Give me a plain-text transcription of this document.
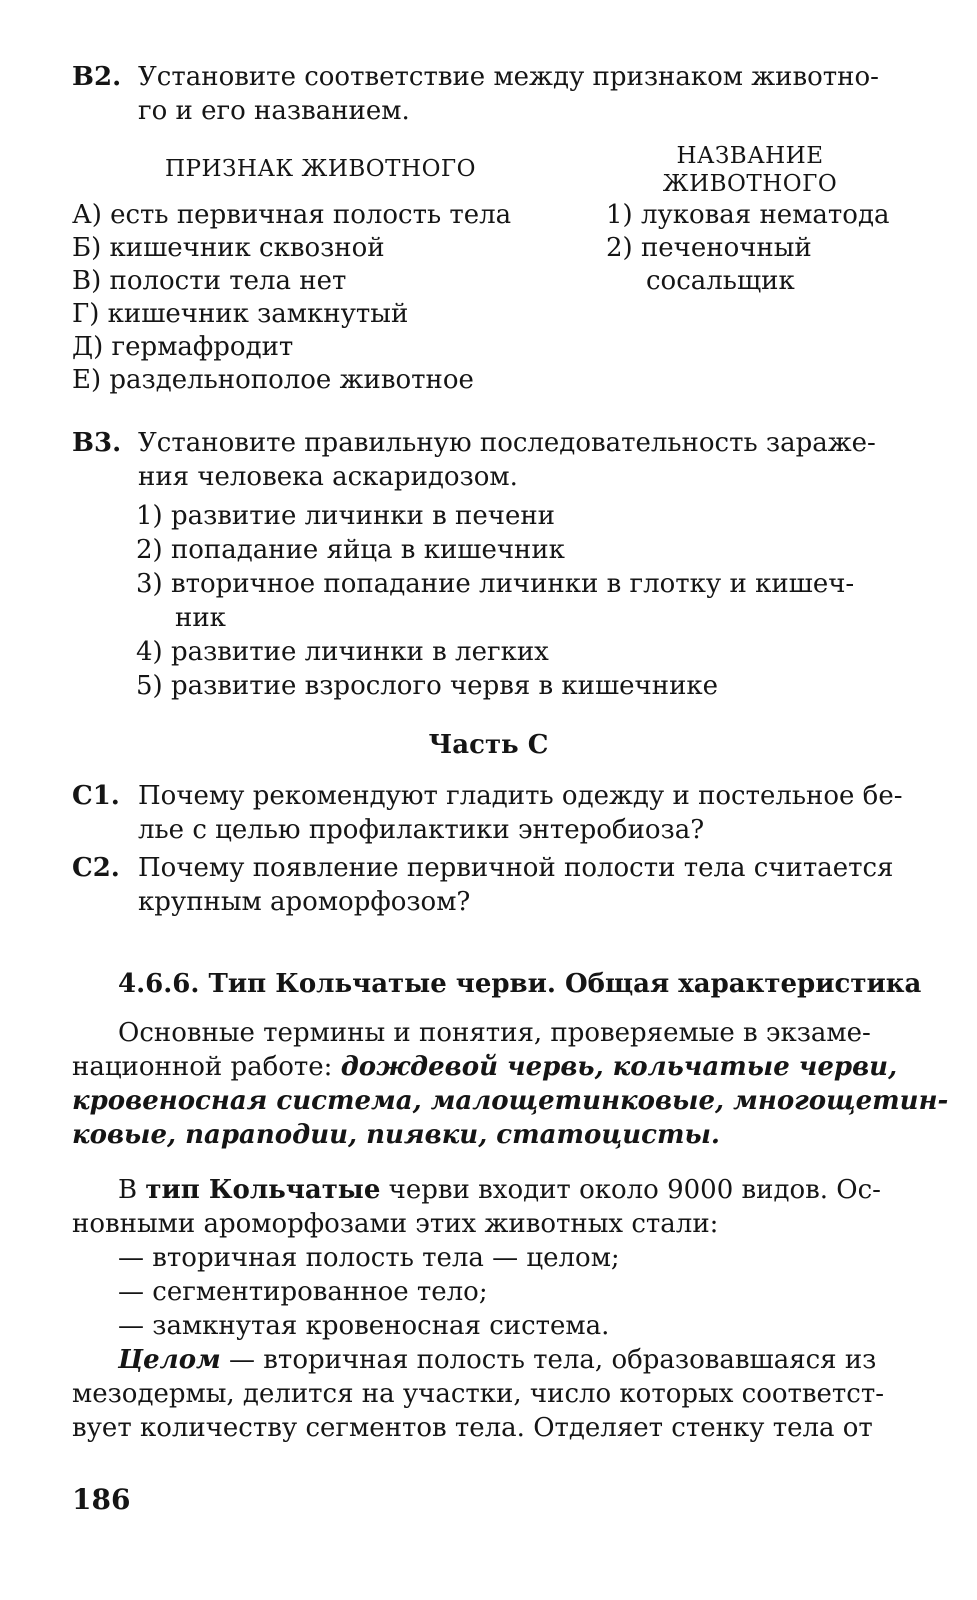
В2. Установите соответствие между признаком животно-
го и его названием.
ПРИЗНАК ЖИВОТНОГО	НАЗВАНИЕ
ЖИВОТНОГО
А) есть первичная полость тела
Б) кишечник сквозной
В) полости тела нет
Г) кишечник замкнутый
Д) гермафродит
Е) раздельнополое животное
1) луковая нематода
2) печеночный
сосальщик
В3. Установите правильную последовательность зараже-
ния человека аскаридозом.
1) развитие личинки в печени
2) попадание яйца в кишечник
3) вторичное попадание личинки в глотку и кишеч-
ник
4) развитие личинки в легких
5) развитие взрослого червя в кишечнике
Часть С
С1. Почему рекомендуют гладить одежду и постельное бе-
лье с целью профилактики энтеробиоза?
С2. Почему появление первичной полости тела считается
крупным ароморфозом?
4.6.6. Тип Кольчатые черви. Общая характеристика
Основные термины и понятия, проверяемые в экзаме-
национной работе: дождевой червь, кольчатые черви,
кровеносная система, малощетинковые, многощетин-
ковые, параподии, пиявки, статоцисты.
В тип Кольчатые черви входит около 9000 видов. Ос-
новными ароморфозами этих животных стали:
— вторичная полость тела — целом;
— сегментированное тело;
— замкнутая кровеносная система.
Целом — вторичная полость тела, образовавшаяся из
мезодермы, делится на участки, число которых соответст-
вует количеству сегментов тела. Отделяет стенку тела от
186
